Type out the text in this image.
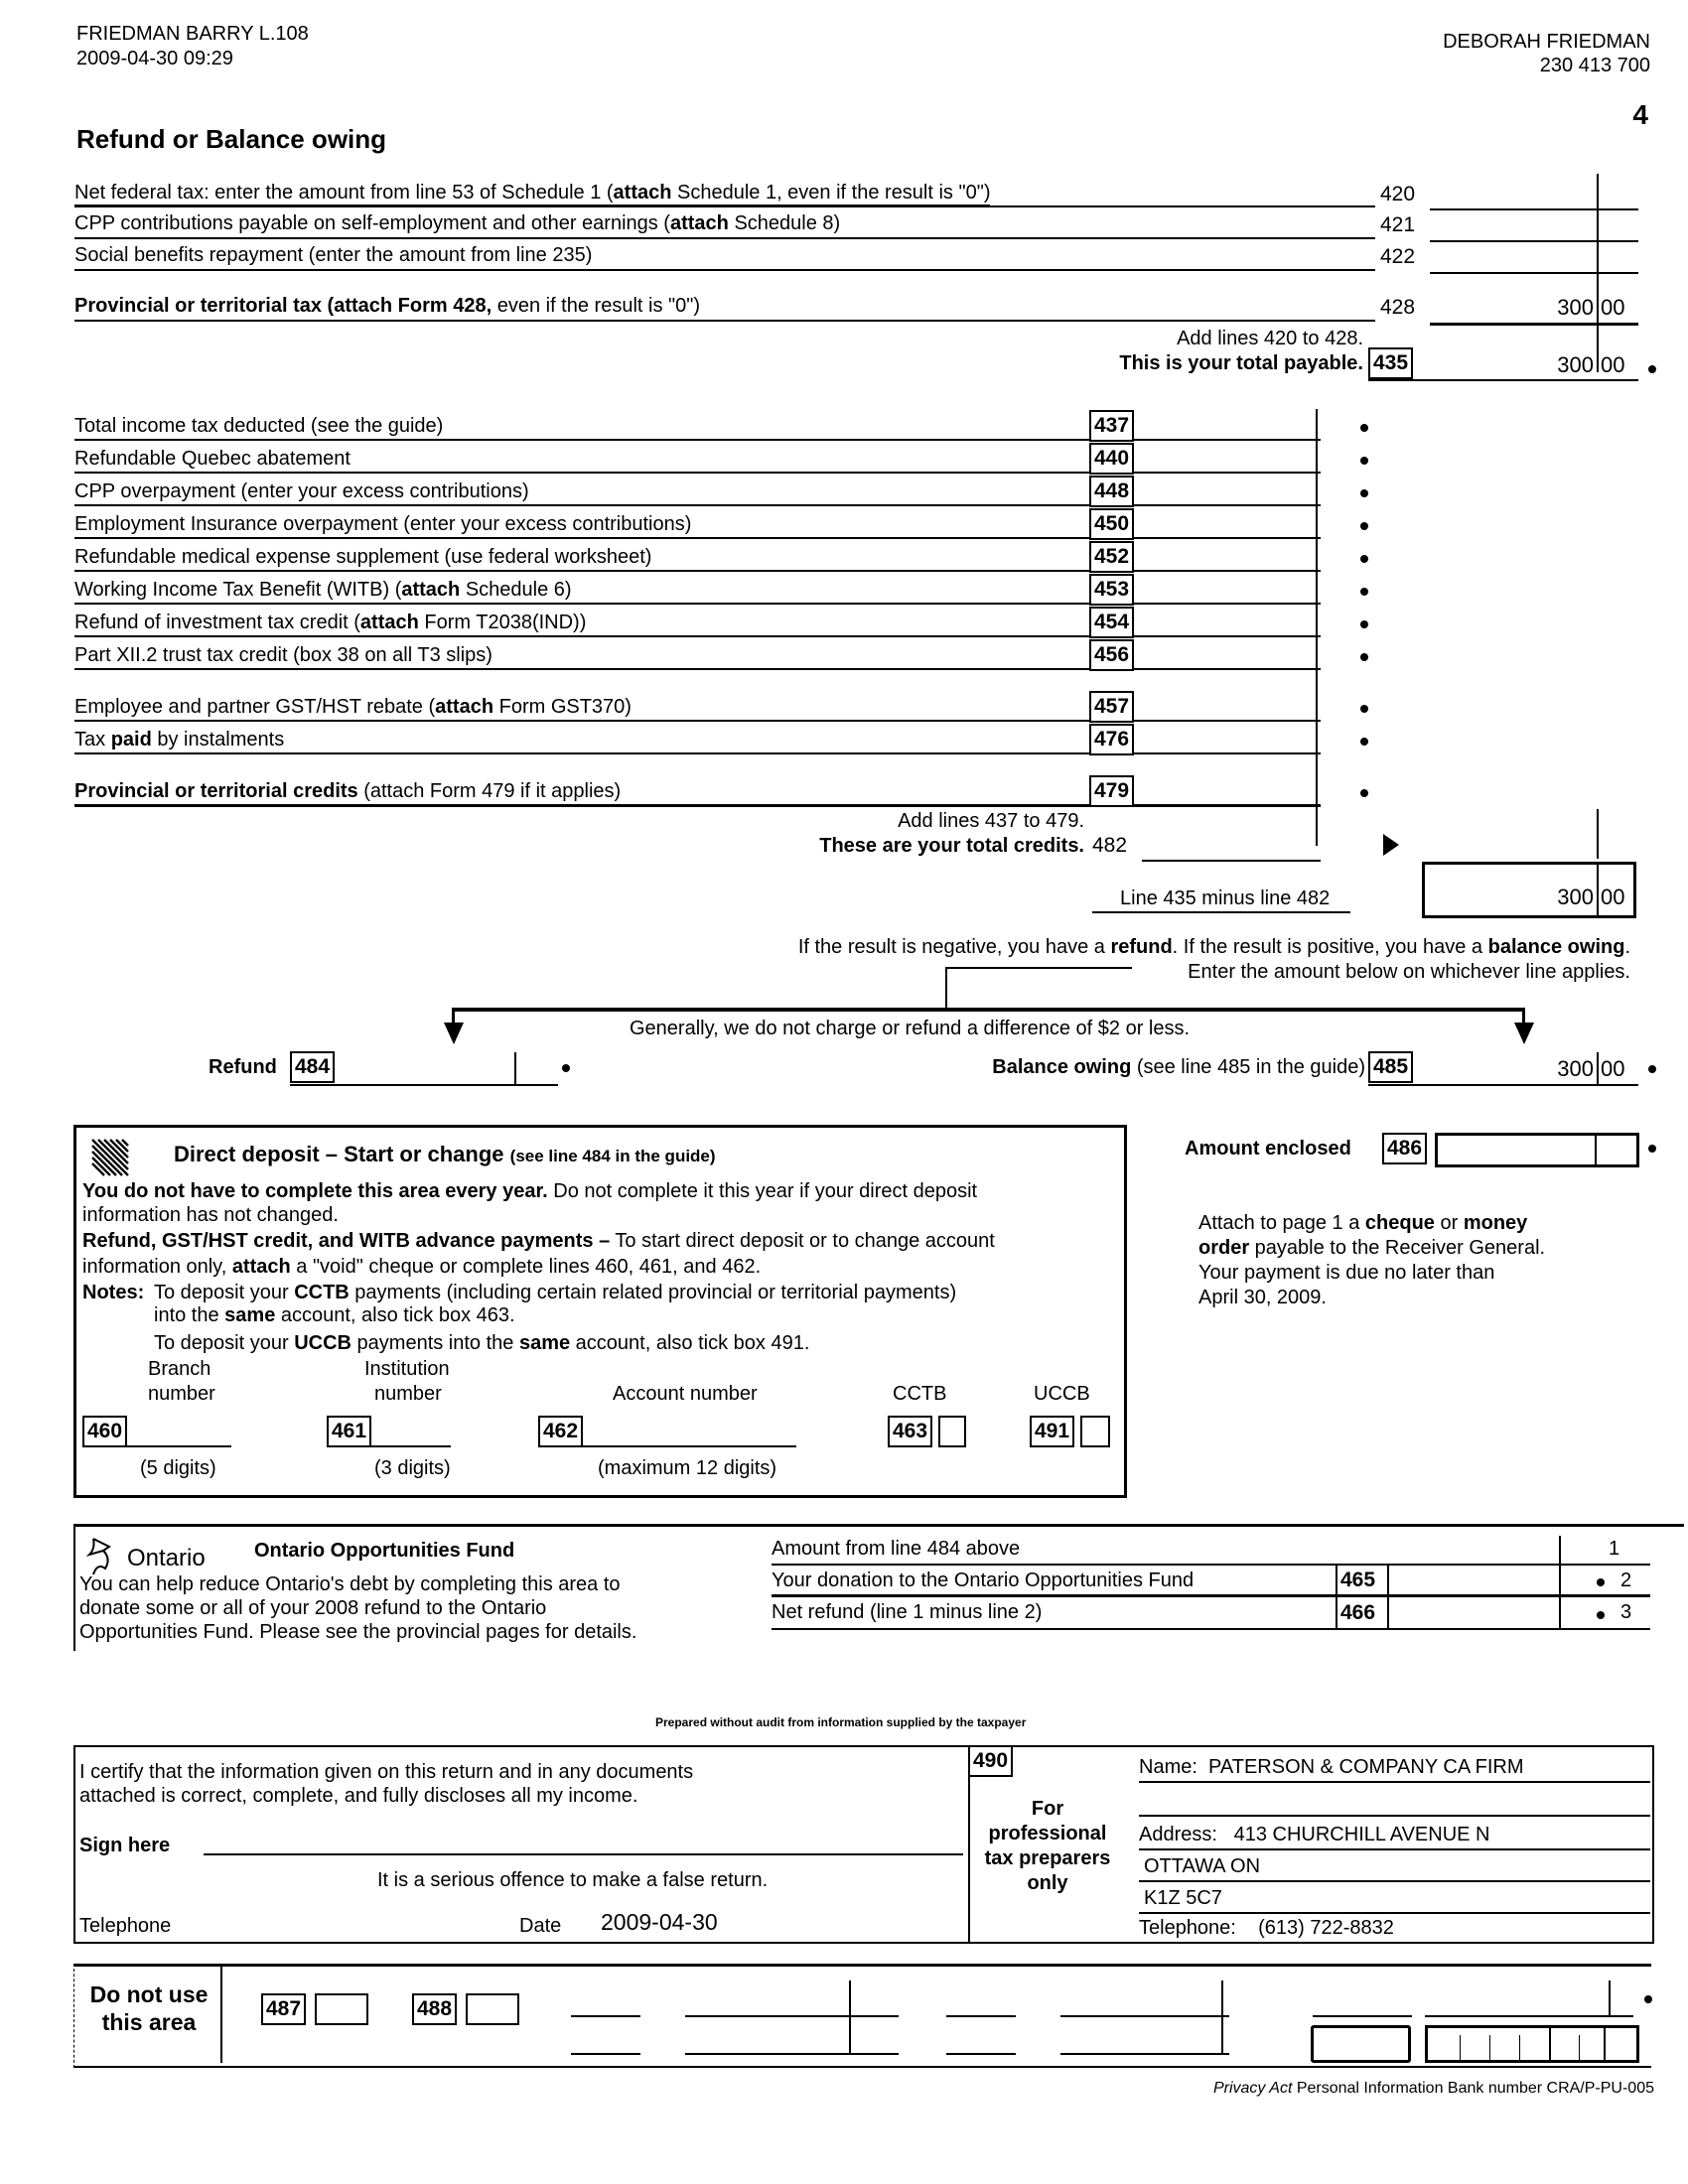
FRIEDMAN BARRY L.108
2009-04-30 09:29
DEBORAH FRIEDMAN
230 413 700
4
Refund or Balance owing
Net federal tax: enter the amount from line 53 of Schedule 1 (attach Schedule 1, even if the result is "0")	420
CPP contributions payable on self-employment and other earnings (attach Schedule 8)	421
Social benefits repayment (enter the amount from line 235)	422
Provincial or territorial tax (attach Form 428, even if the result is "0")	428	300 00
Add lines 420 to 428.
This is your total payable. 435	300 00
Total income tax deducted (see the guide)	437
Refundable Quebec abatement	440
CPP overpayment (enter your excess contributions)	448
Employment Insurance overpayment (enter your excess contributions)	450
Refundable medical expense supplement (use federal worksheet)	452
Working Income Tax Benefit (WITB) (attach Schedule 6)	453
Refund of investment tax credit (attach Form T2038(IND))	454
Part XII.2 trust tax credit (box 38 on all T3 slips)	456
Employee and partner GST/HST rebate (attach Form GST370)	457
Tax paid by instalments	476
Provincial or territorial credits (attach Form 479 if it applies)	479
Add lines 437 to 479.
These are your total credits. 482
Line 435 minus line 482	300 00
If the result is negative, you have a refund. If the result is positive, you have a balance owing.
Enter the amount below on whichever line applies.
Generally, we do not charge or refund a difference of $2 or less.
Refund 484	Balance owing (see line 485 in the guide) 485	300 00
Direct deposit – Start or change (see line 484 in the guide)
You do not have to complete this area every year. Do not complete it this year if your direct deposit
information has not changed.
Refund, GST/HST credit, and WITB advance payments – To start direct deposit or to change account
information only, attach a "void" cheque or complete lines 460, 461, and 462.
Notes: To deposit your CCTB payments (including certain related provincial or territorial payments)
into the same account, also tick box 463.
To deposit your UCCB payments into the same account, also tick box 491.
Branch
number
460
(5 digits)
Institution
number
461
(3 digits)
Account number
462
(maximum 12 digits)
CCTB
463
UCCB
491
Amount enclosed 486
Attach to page 1 a cheque or money
order payable to the Receiver General.
Your payment is due no later than
April 30, 2009.
Ontario Ontario Opportunities Fund
You can help reduce Ontario's debt by completing this area to
donate some or all of your 2008 refund to the Ontario
Opportunities Fund. Please see the provincial pages for details.
Amount from line 484 above	1
Your donation to the Ontario Opportunities Fund	465	2
Net refund (line 1 minus line 2)	466	3
Prepared without audit from information supplied by the taxpayer
I certify that the information given on this return and in any documents
attached is correct, complete, and fully discloses all my income.
Sign here
It is a serious offence to make a false return.
Telephone	Date 2009-04-30
490
For
professional
tax preparers
only
Name: PATERSON & COMPANY CA FIRM
Address: 413 CHURCHILL AVENUE N
OTTAWA ON
K1Z 5C7
Telephone: (613) 722-8832
Do not use
this area
487	488
Privacy Act Personal Information Bank number CRA/P-PU-005
